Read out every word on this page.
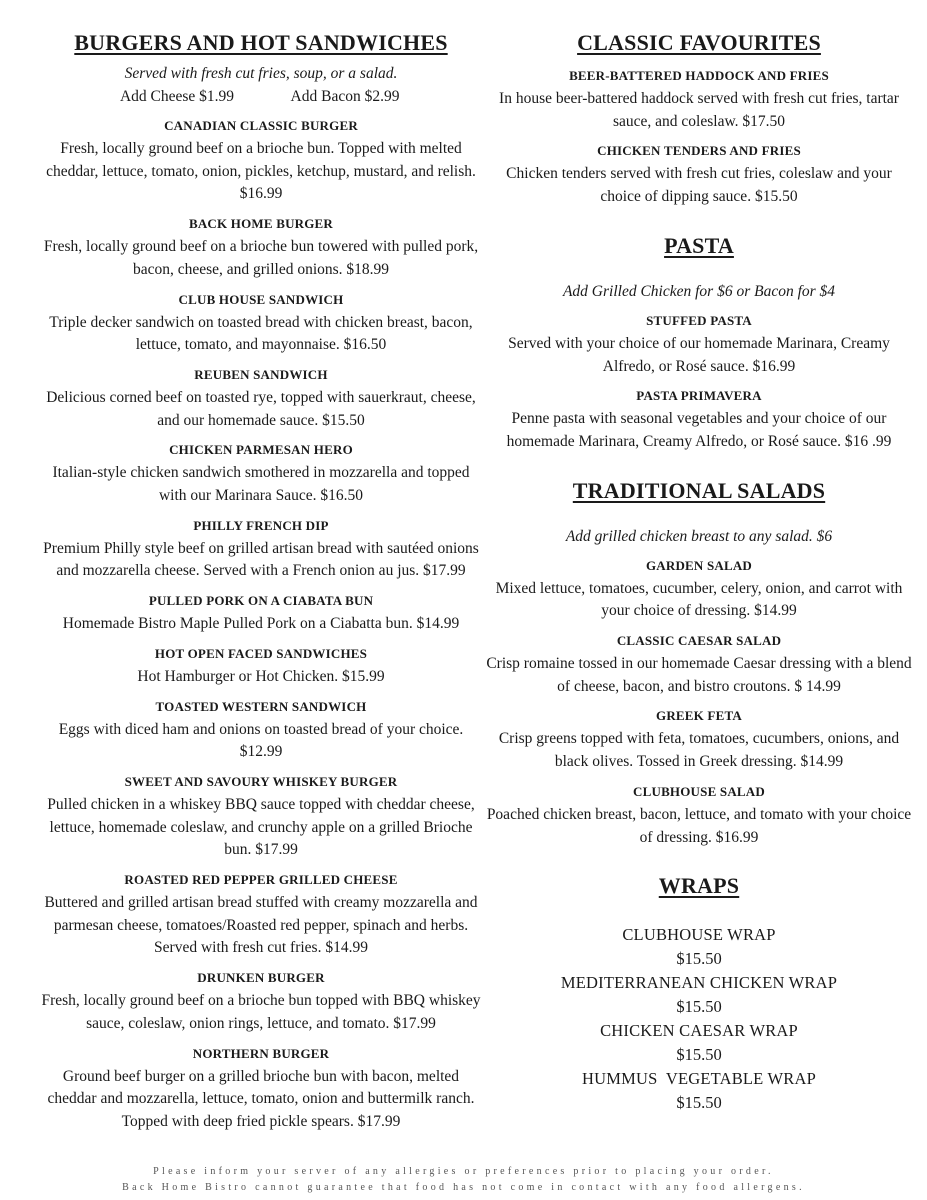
BURGERS AND HOT SANDWICHES
Served with fresh cut fries, soup, or a salad.
Add Cheese $1.99	Add Bacon $2.99
CANADIAN CLASSIC BURGER
Fresh, locally ground beef on a brioche bun. Topped with melted cheddar, lettuce, tomato, onion, pickles, ketchup, mustard, and relish. $16.99
BACK HOME BURGER
Fresh, locally ground beef on a brioche bun towered with pulled pork, bacon, cheese, and grilled onions. $18.99
CLUB HOUSE SANDWICH
Triple decker sandwich on toasted bread with chicken breast, bacon, lettuce, tomato, and mayonnaise. $16.50
REUBEN SANDWICH
Delicious corned beef on toasted rye, topped with sauerkraut, cheese, and our homemade sauce. $15.50
CHICKEN PARMESAN HERO
Italian-style chicken sandwich smothered in mozzarella and topped with our Marinara Sauce. $16.50
PHILLY FRENCH DIP
Premium Philly style beef on grilled artisan bread with sautéed onions and mozzarella cheese. Served with a French onion au jus. $17.99
PULLED PORK ON A CIABATA BUN
Homemade Bistro Maple Pulled Pork on a Ciabatta bun. $14.99
HOT OPEN FACED SANDWICHES
Hot Hamburger or Hot Chicken. $15.99
TOASTED WESTERN SANDWICH
Eggs with diced ham and onions on toasted bread of your choice. $12.99
SWEET AND SAVOURY WHISKEY BURGER
Pulled chicken in a whiskey BBQ sauce topped with cheddar cheese, lettuce, homemade coleslaw, and crunchy apple on a grilled Brioche bun. $17.99
ROASTED RED PEPPER GRILLED CHEESE
Buttered and grilled artisan bread stuffed with creamy mozzarella and parmesan cheese, tomatoes/Roasted red pepper, spinach and herbs. Served with fresh cut fries. $14.99
DRUNKEN BURGER
Fresh, locally ground beef on a brioche bun topped with BBQ whiskey sauce, coleslaw, onion rings, lettuce, and tomato. $17.99
NORTHERN BURGER
Ground beef burger on a grilled brioche bun with bacon, melted cheddar and mozzarella, lettuce, tomato, onion and buttermilk ranch. Topped with deep fried pickle spears. $17.99
CLASSIC FAVOURITES
BEER-BATTERED HADDOCK AND FRIES
In house beer-battered haddock served with fresh cut fries, tartar sauce, and coleslaw. $17.50
CHICKEN TENDERS AND FRIES
Chicken tenders served with fresh cut fries, coleslaw and your choice of dipping sauce. $15.50
PASTA
Add Grilled Chicken for $6 or Bacon for $4
STUFFED PASTA
Served with your choice of our homemade Marinara, Creamy Alfredo, or Rosé sauce. $16.99
PASTA PRIMAVERA
Penne pasta with seasonal vegetables and your choice of our homemade Marinara, Creamy Alfredo, or Rosé sauce. $16 .99
TRADITIONAL SALADS
Add grilled chicken breast to any salad. $6
GARDEN SALAD
Mixed lettuce, tomatoes, cucumber, celery, onion, and carrot with your choice of dressing. $14.99
CLASSIC CAESAR SALAD
Crisp romaine tossed in our homemade Caesar dressing with a blend of cheese, bacon, and bistro croutons. $ 14.99
GREEK FETA
Crisp greens topped with feta, tomatoes, cucumbers, onions, and black olives. Tossed in Greek dressing. $14.99
CLUBHOUSE SALAD
Poached chicken breast, bacon, lettuce, and tomato with your choice of dressing. $16.99
WRAPS
CLUBHOUSE WRAP
$15.50
MEDITERRANEAN CHICKEN WRAP
$15.50
CHICKEN CAESAR WRAP
$15.50
HUMMUS  VEGETABLE WRAP
$15.50
Please inform your server of any allergies or preferences prior to placing your order.
Back Home Bistro cannot guarantee that food has not come in contact with any food allergens.
